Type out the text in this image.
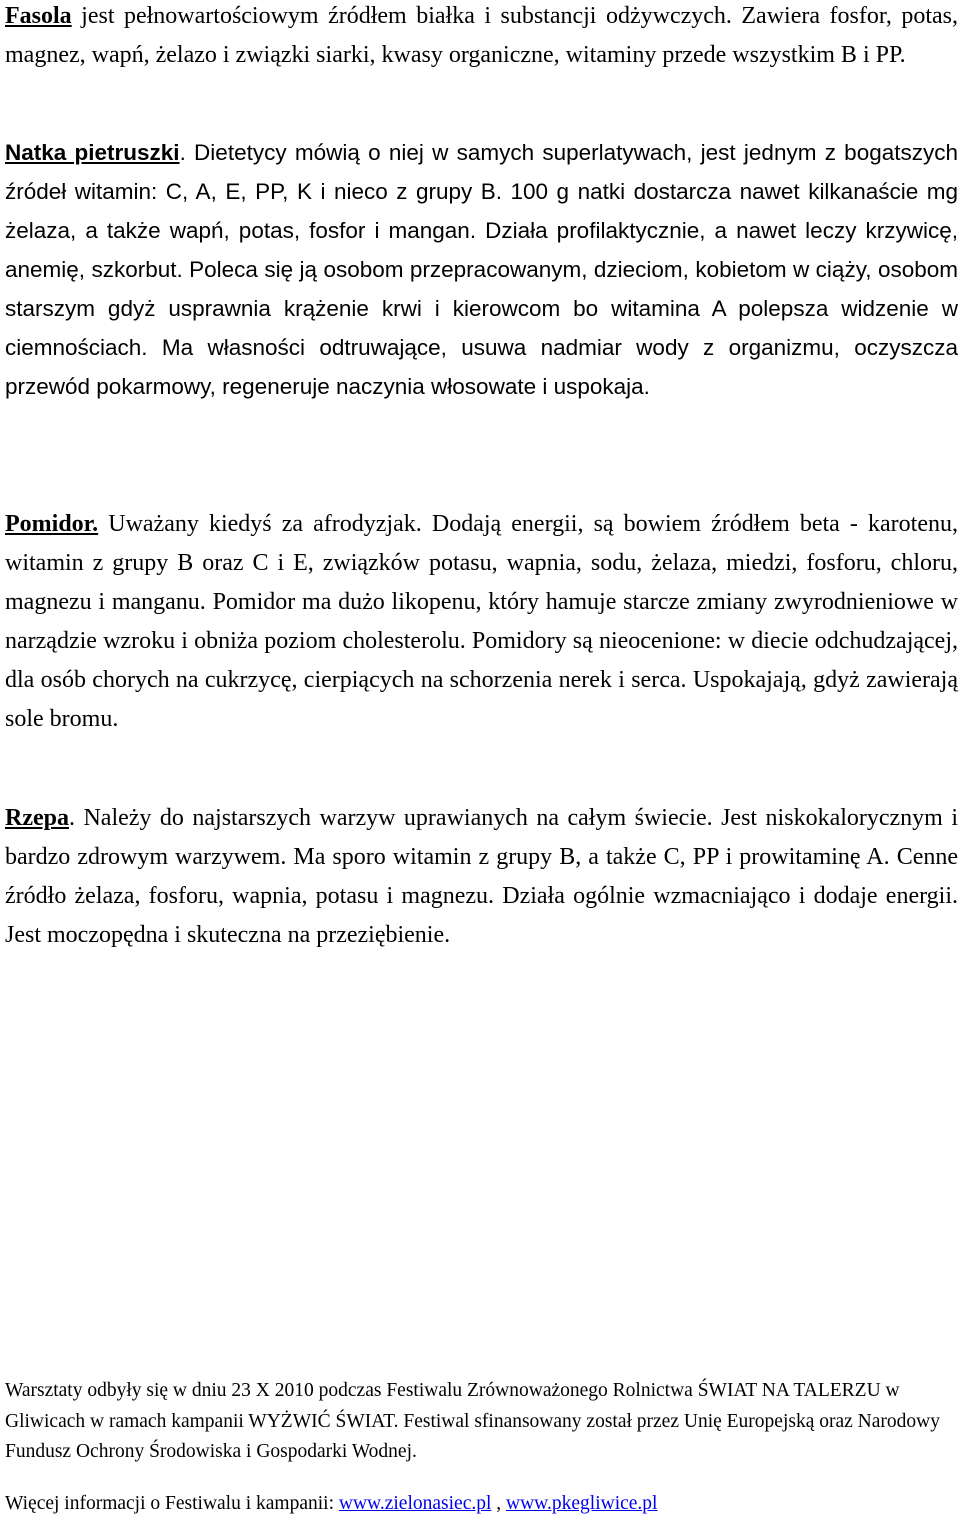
Fasola jest pełnowartościowym źródłem białka i substancji odżywczych. Zawiera fosfor, potas, magnez, wapń, żelazo i związki siarki, kwasy organiczne, witaminy przede wszystkim B i PP.

Natka pietruszki. Dietetycy mówią o niej w samych superlatywach, jest jednym z bogatszych źródeł witamin: C, A, E, PP, K i nieco z grupy B. 100 g natki dostarcza nawet kilkanaście mg żelaza, a także wapń, potas, fosfor i mangan. Działa profilaktycznie, a nawet leczy krzywicę, anemię, szkorbut. Poleca się ją osobom przepracowanym, dzieciom, kobietom w ciąży, osobom starszym gdyż usprawnia krążenie krwi i kierowcom bo witamina A polepsza widzenie w ciemnościach. Ma własności odtruwające, usuwa nadmiar wody z organizmu, oczyszcza przewód pokarmowy, regeneruje naczynia włosowate i uspokaja.

Pomidor. Uważany kiedyś za afrodyzjak. Dodają energii, są bowiem źródłem beta - karotenu, witamin z grupy B oraz C i E, związków potasu, wapnia, sodu, żelaza, miedzi, fosforu, chloru, magnezu i manganu. Pomidor ma dużo likopenu, który hamuje starcze zmiany zwyrodnieniowe w narządzie wzroku i obniża poziom cholesterolu. Pomidory są nieocenione: w diecie odchudzającej, dla osób chorych na cukrzycę, cierpiących na schorzenia nerek i serca. Uspokajają, gdyż zawierają sole bromu.

Rzepa. Należy do najstarszych warzyw uprawianych na całym świecie. Jest niskokalorycznym i bardzo zdrowym warzywem. Ma sporo witamin z grupy B, a także C, PP i prowitaminę A. Cenne źródło żelaza, fosforu, wapnia, potasu i magnezu. Działa ogólnie wzmacniająco i dodaje energii. Jest moczopędna i skuteczna na przeziębienie.

Warsztaty odbyły się w dniu 23 X 2010 podczas Festiwalu Zrównoważonego Rolnictwa ŚWIAT NA TALERZU w Gliwicach w ramach kampanii WYŻWIĆ ŚWIAT. Festiwal sfinansowany został przez Unię Europejską oraz Narodowy Fundusz Ochrony Środowiska i Gospodarki Wodnej.

Więcej informacji o Festiwalu i kampanii: www.zielonasiec.pl , www.pkegliwice.pl
